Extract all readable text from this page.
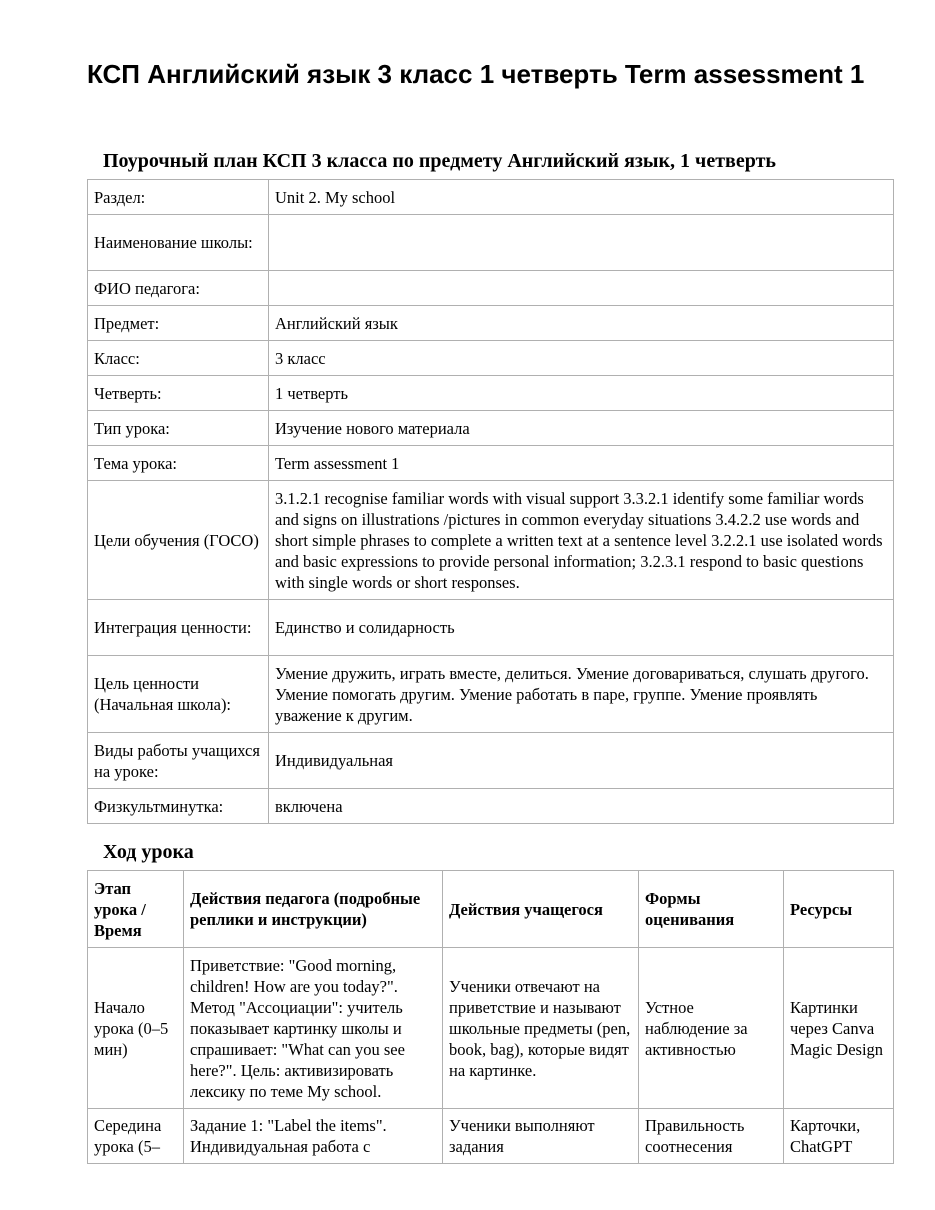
КСП Английский язык 3 класс 1 четверть Term assessment 1
Поурочный план КСП 3 класса по предмету Английский язык, 1 четверть
Раздел:	Unit 2. My school
Наименование школы:	
ФИО педагога:	
Предмет:	Английский язык
Класс:	3 класс
Четверть:	1 четверть
Тип урока:	Изучение нового материала
Тема урока:	Term assessment 1
Цели обучения (ГОСО)	3.1.2.1 recognise familiar words with visual support 3.3.2.1 identify some familiar words and signs on illustrations /pictures in common everyday situations 3.4.2.2 use words and short simple phrases to complete a written text at a sentence level 3.2.2.1 use isolated words and basic expressions to provide personal information; 3.2.3.1 respond to basic questions with single words or short responses.
Интеграция ценности:	Единство и солидарность
Цель ценности (Начальная школа):	Умение дружить, играть вместе, делиться. Умение договариваться, слушать другого. Умение помогать другим. Умение работать в паре, группе. Умение проявлять уважение к другим.
Виды работы учащихся на уроке:	Индивидуальная
Физкультминутка:	включена
Ход урока
Этап урока / Время	Действия педагога (подробные реплики и инструкции)	Действия учащегося	Формы оценивания	Ресурсы
Начало урока (0–5 мин)	Приветствие: "Good morning, children! How are you today?". Метод "Ассоциации": учитель показывает картинку школы и спрашивает: "What can you see here?". Цель: активизировать лексику по теме My school.	Ученики отвечают на приветствие и называют школьные предметы (pen, book, bag), которые видят на картинке.	Устное наблюдение за активностью	Картинки через Canva Magic Design
Середина урока (5–	Задание 1: "Label the items". Индивидуальная работа с	Ученики выполняют задания	Правильность соотнесения	Карточки, ChatGPT
